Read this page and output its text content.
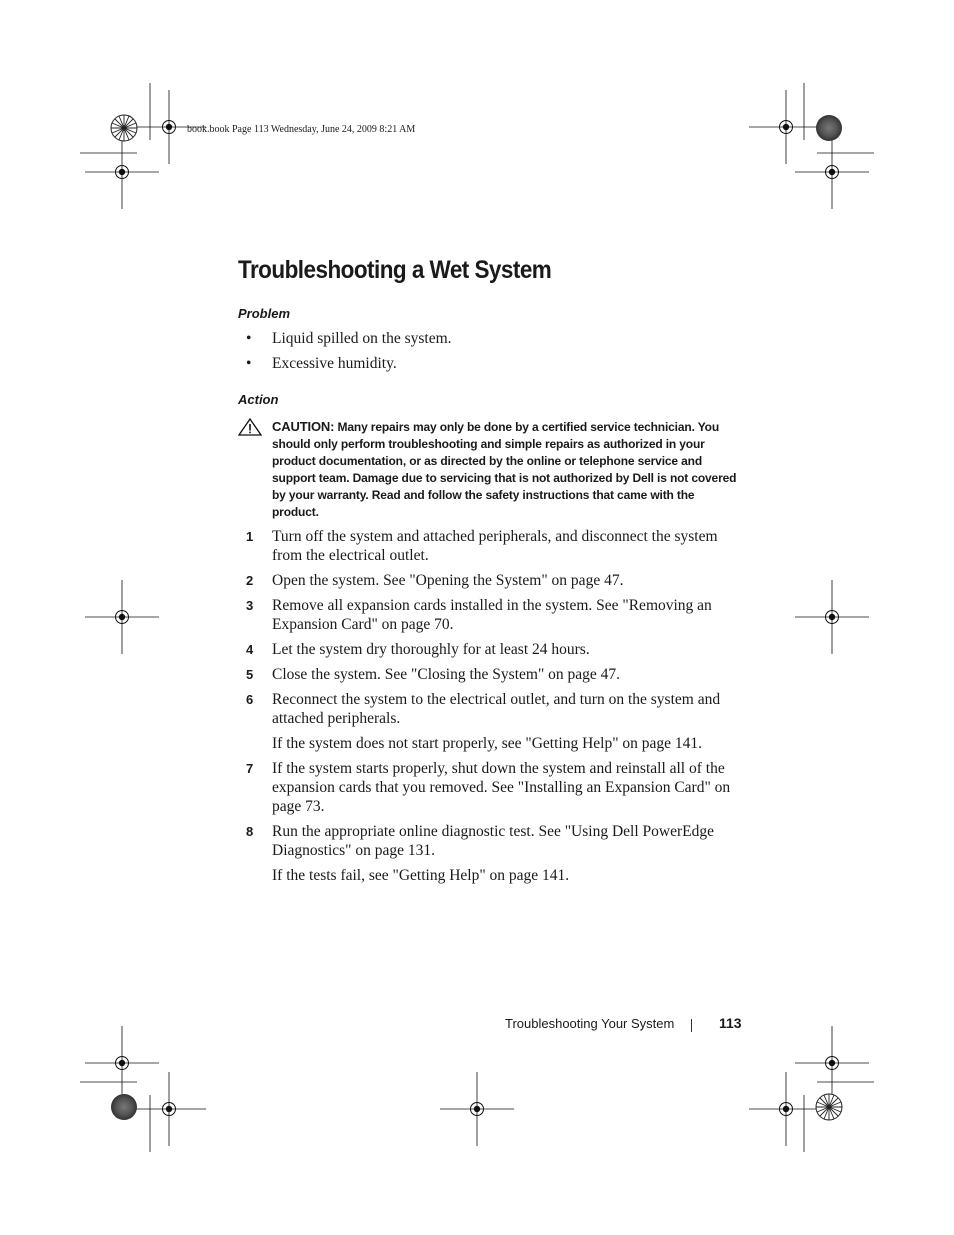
book.book Page 113 Wednesday, June 24, 2009 8:21 AM
Troubleshooting a Wet System
Problem
• Liquid spilled on the system.
• Excessive humidity.
Action

CAUTION: Many repairs may only be done by a certified service technician. You should only perform troubleshooting and simple repairs as authorized in your product documentation, or as directed by the online or telephone service and support team. Damage due to servicing that is not authorized by Dell is not covered by your warranty. Read and follow the safety instructions that came with the product.

1 Turn off the system and attached peripherals, and disconnect the system from the electrical outlet.
2 Open the system. See "Opening the System" on page 47.
3 Remove all expansion cards installed in the system. See "Removing an Expansion Card" on page 70.
4 Let the system dry thoroughly for at least 24 hours.
5 Close the system. See "Closing the System" on page 47.
6 Reconnect the system to the electrical outlet, and turn on the system and attached peripherals.
If the system does not start properly, see "Getting Help" on page 141.
7 If the system starts properly, shut down the system and reinstall all of the expansion cards that you removed. See "Installing an Expansion Card" on page 73.
8 Run the appropriate online diagnostic test. See "Using Dell PowerEdge Diagnostics" on page 131.
If the tests fail, see "Getting Help" on page 141.
Troubleshooting Your System	113
